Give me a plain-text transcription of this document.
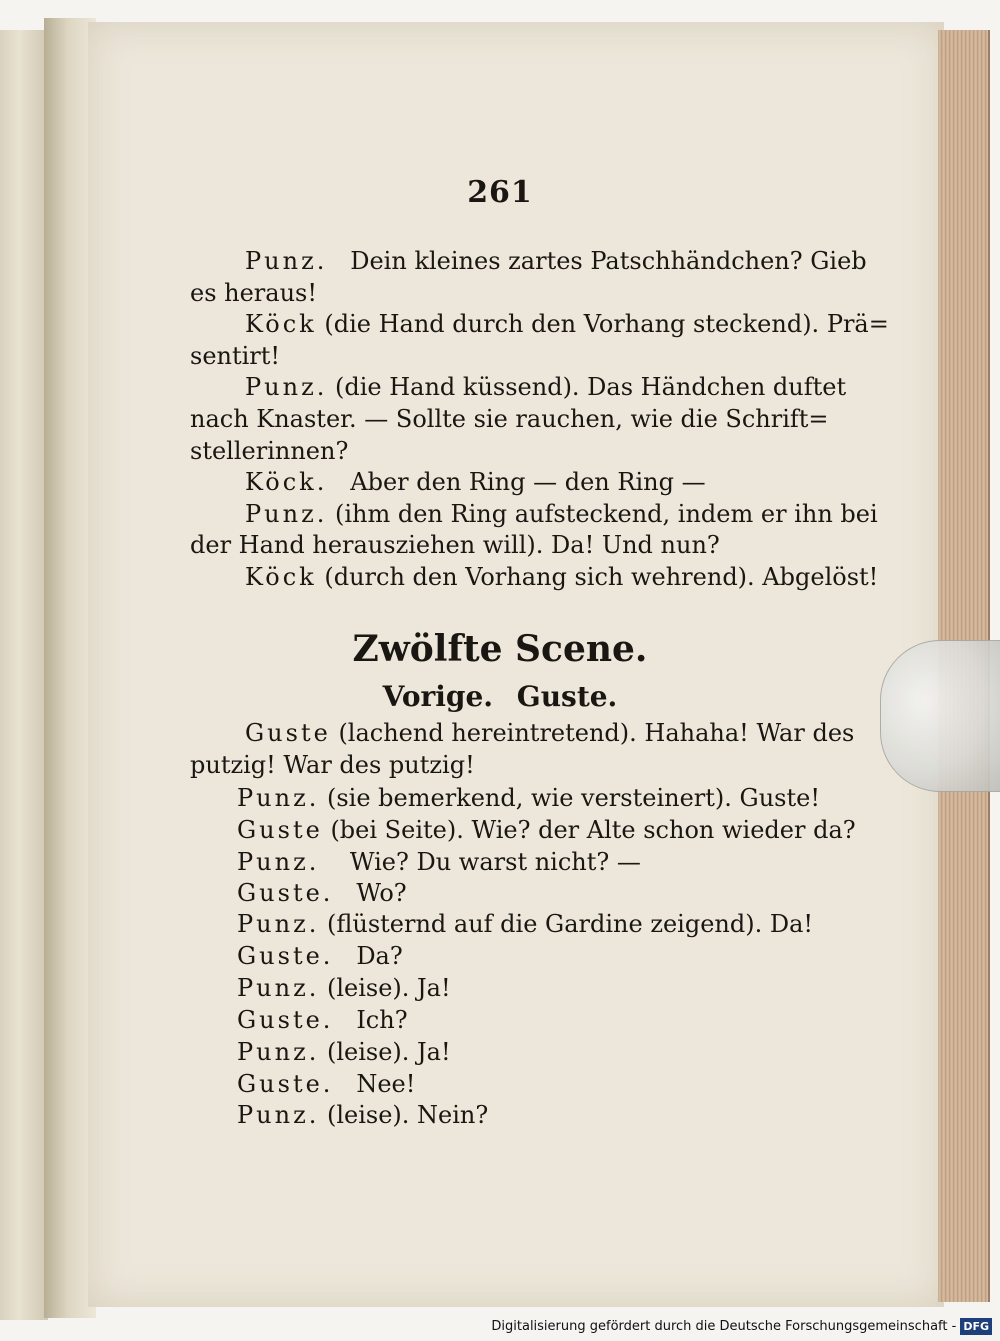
261
Punz. Dein kleines zartes Patschhändchen? Gieb
es heraus!
Köck (die Hand durch den Vorhang steckend). Prä=
sentirt!
Punz. (die Hand küssend). Das Händchen duftet
nach Knaster. — Sollte sie rauchen, wie die Schrift=
stellerinnen?
Köck. Aber den Ring — den Ring —
Punz. (ihm den Ring aufsteckend, indem er ihn bei
der Hand herausziehen will). Da! Und nun?
Köck (durch den Vorhang sich wehrend). Abgelöst!
Zwölfte Scene.
Vorige. Guste.
Guste (lachend hereintretend). Hahaha! War des
putzig! War des putzig!
Punz. (sie bemerkend, wie versteinert). Guste!
Guste (bei Seite). Wie? der Alte schon wieder da?
Punz. Wie? Du warst nicht? —
Guste. Wo?
Punz. (flüsternd auf die Gardine zeigend). Da!
Guste. Da?
Punz. (leise). Ja!
Guste. Ich?
Punz. (leise). Ja!
Guste. Nee!
Punz. (leise). Nein?
Digitalisierung gefördert durch die Deutsche Forschungsgemeinschaft - DFG
